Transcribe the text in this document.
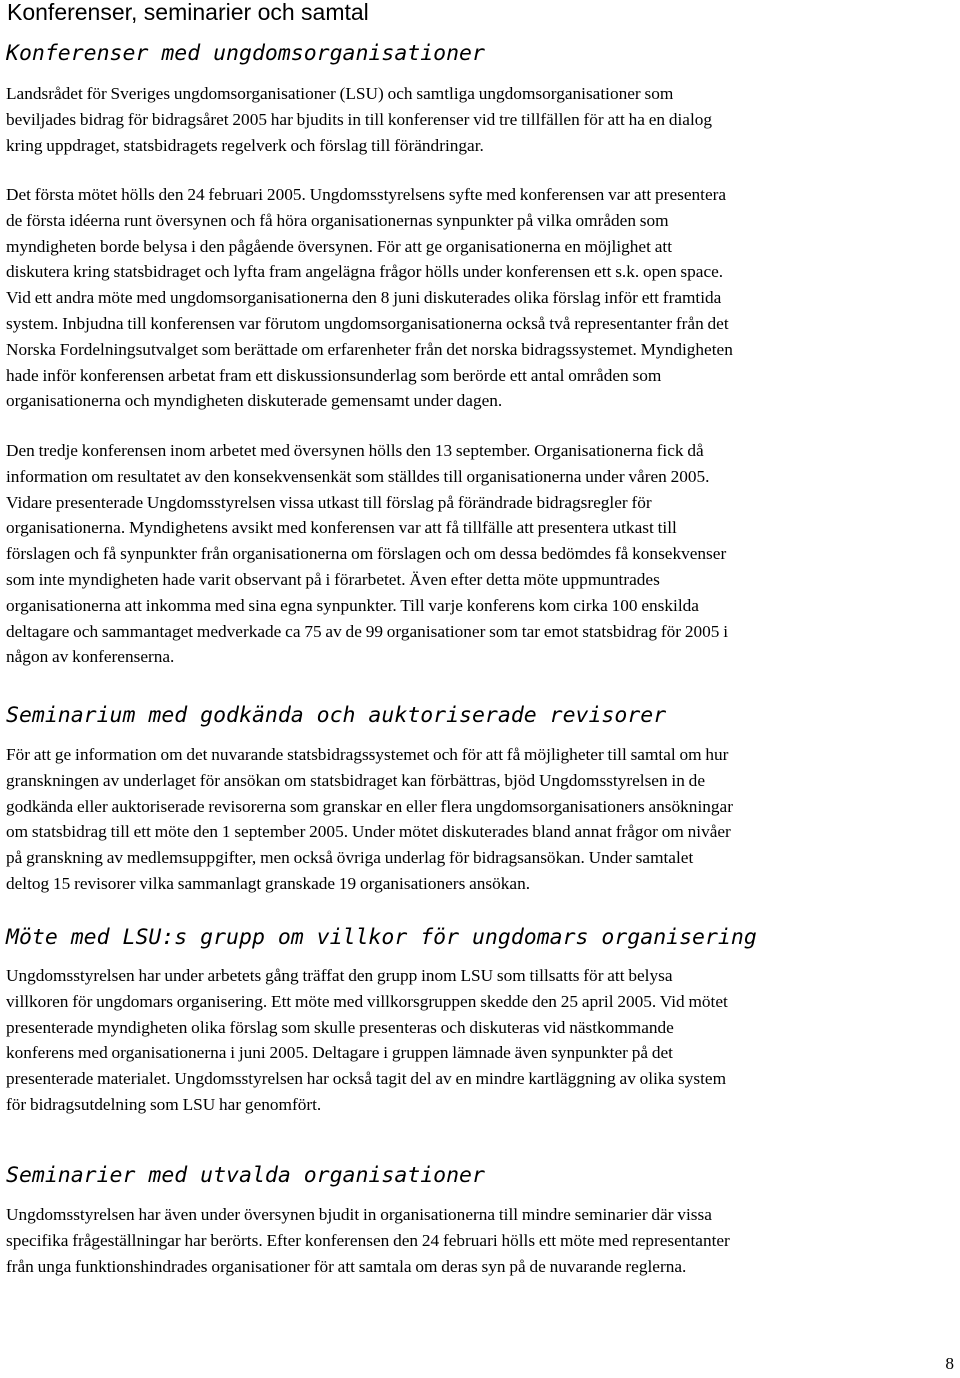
Konferenser, seminarier och samtal
Konferenser med ungdomsorganisationer

Landsrådet för Sveriges ungdomsorganisationer (LSU) och samtliga ungdomsorganisationer som
beviljades bidrag för bidragsåret 2005 har bjudits in till konferenser vid tre tillfällen för att ha en dialog
kring uppdraget, statsbidragets regelverk och förslag till förändringar.

Det första mötet hölls den 24 februari 2005. Ungdomsstyrelsens syfte med konferensen var att presentera
de första idéerna runt översynen och få höra organisationernas synpunkter på vilka områden som
myndigheten borde belysa i den pågående översynen. För att ge organisationerna en möjlighet att
diskutera kring statsbidraget och lyfta fram angelägna frågor hölls under konferensen ett s.k. open space.
Vid ett andra möte med ungdomsorganisationerna den 8 juni diskuterades olika förslag inför ett framtida
system. Inbjudna till konferensen var förutom ungdomsorganisationerna också två representanter från det
Norska Fordelningsutvalget som berättade om erfarenheter från det norska bidragssystemet. Myndigheten
hade inför konferensen arbetat fram ett diskussionsunderlag som berörde ett antal områden som
organisationerna och myndigheten diskuterade gemensamt under dagen.

Den tredje konferensen inom arbetet med översynen hölls den 13 september. Organisationerna fick då
information om resultatet av den konsekvensenkät som ställdes till organisationerna under våren 2005.
Vidare presenterade Ungdomsstyrelsen vissa utkast till förslag på förändrade bidragsregler för
organisationerna. Myndighetens avsikt med konferensen var att få tillfälle att presentera utkast till
förslagen och få synpunkter från organisationerna om förslagen och om dessa bedömdes få konsekvenser
som inte myndigheten hade varit observant på i förarbetet. Även efter detta möte uppmuntrades
organisationerna att inkomma med sina egna synpunkter. Till varje konferens kom cirka 100 enskilda
deltagare och sammantaget medverkade ca 75 av de 99 organisationer som tar emot statsbidrag för 2005 i
någon av konferenserna.

Seminarium med godkända och auktoriserade revisorer

För att ge information om det nuvarande statsbidragssystemet och för att få möjligheter till samtal om hur
granskningen av underlaget för ansökan om statsbidraget kan förbättras, bjöd Ungdomsstyrelsen in de
godkända eller auktoriserade revisorerna som granskar en eller flera ungdomsorganisationers ansökningar
om statsbidrag till ett möte den 1 september 2005. Under mötet diskuterades bland annat frågor om nivåer
på granskning av medlemsuppgifter, men också övriga underlag för bidragsansökan. Under samtalet
deltog 15 revisorer vilka sammanlagt granskade 19 organisationers ansökan.

Möte med LSU:s grupp om villkor för ungdomars organisering

Ungdomsstyrelsen har under arbetets gång träffat den grupp inom LSU som tillsatts för att belysa
villkoren för ungdomars organisering. Ett möte med villkorsgruppen skedde den 25 april 2005. Vid mötet
presenterade myndigheten olika förslag som skulle presenteras och diskuteras vid nästkommande
konferens med organisationerna i juni 2005. Deltagare i gruppen lämnade även synpunkter på det
presenterade materialet. Ungdomsstyrelsen har också tagit del av en mindre kartläggning av olika system
för bidragsutdelning som LSU har genomfört.

Seminarier med utvalda organisationer

Ungdomsstyrelsen har även under översynen bjudit in organisationerna till mindre seminarier där vissa
specifika frågeställningar har berörts. Efter konferensen den 24 februari hölls ett möte med representanter
från unga funktionshindrades organisationer för att samtala om deras syn på de nuvarande reglerna.

8
